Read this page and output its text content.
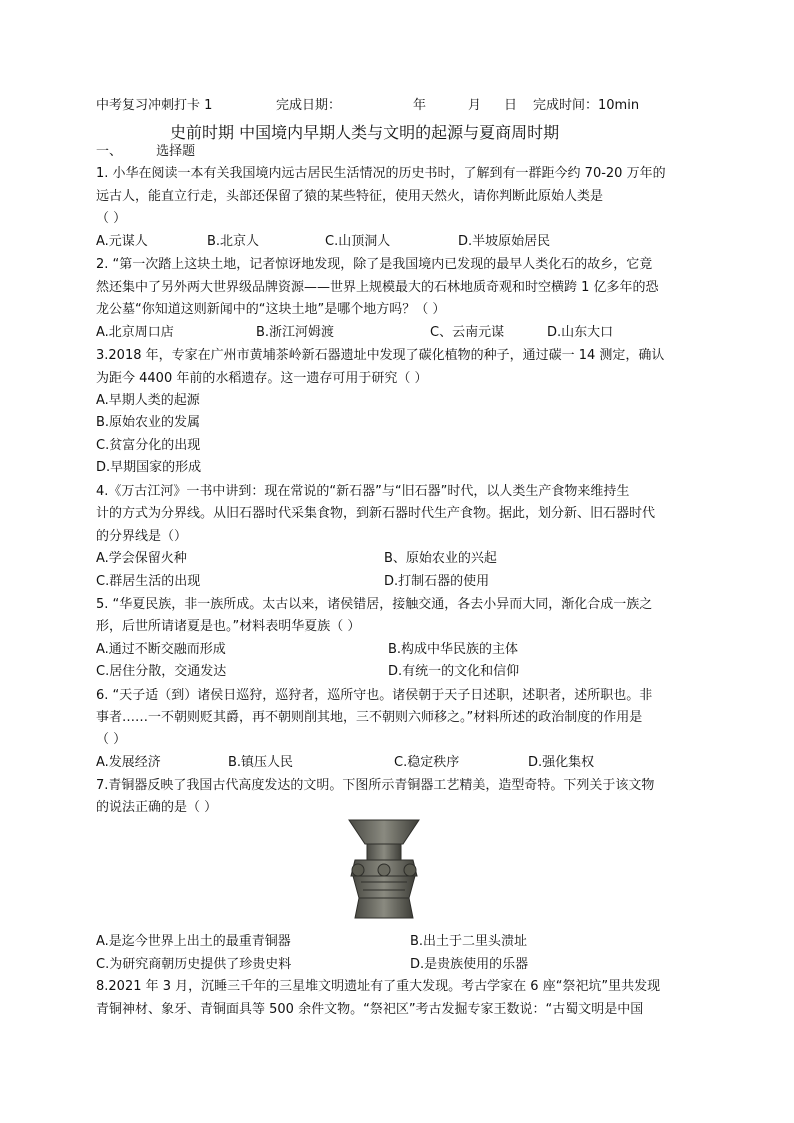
中考复习冲刺打卡 1	完成日期：	年	月 日 完成时间：10min
史前时期 中国境内早期人类与文明的起源与夏商周时期
一、	选择题
1. 小华在阅读一本有关我国境内远古居民生活情况的历史书时，了解到有一群距今约 70-20 万年的
远古人，能直立行走，头部还保留了猿的某些特征，使用天然火，请你判断此原始人类是
（ ）
A.元谋人	B.北京人	C.山顶洞人	D.半坡原始居民
2. “第一次踏上这块土地，记者惊讶地发现，除了是我国境内已发现的最早人类化石的故乡，它竟
然还集中了另外两大世界级品牌资源——世界上规模最大的石林地质奇观和时空横跨 1 亿多年的恐
龙公墓“你知道这则新闻中的“这块土地”是哪个地方吗？（ ）
A.北京周口店	B.浙江河姆渡	C、云南元谋	D.山东大口
3.2018 年，专家在广州市黄埔茶岭新石器遗址中发现了碳化植物的种子，通过碳一 14 测定，确认
为距今 4400 年前的水稻遗存。这一遗存可用于研究（ ）
A.早期人类的起源
B.原始农业的发属
C.贫富分化的出现
D.早期国家的形成
4.《万古江河》一书中讲到：现在常说的“新石器”与“旧石器”时代，以人类生产食物来维持生
计的方式为分界线。从旧石器时代采集食物，到新石器时代生产食物。据此，划分新、旧石器时代
的分界线是（）
A.学会保留火种	B、原始农业的兴起
C.群居生活的出现	D.打制石器的使用
5. “华夏民族，非一族所成。太古以来，诸侯错居，接触交通，各去小异而大同，渐化合成一族之
形，后世所请诸夏是也。”材料表明华夏族（ ）
A.通过不断交融而形成	B.构成中华民族的主体
C.居住分散，交通发达	D.有统一的文化和信仰
6. “天子适（到）诸侯日巡狩，巡狩者，巡所守也。诸侯朝于天子日述职，述职者，述所职也。非
事者……一不朝则贬其爵，再不朝则削其地，三不朝则六师移之。”材料所述的政治制度的作用是
（ ）
A.发展经济	B.镇压人民	C.稳定秩序	D.强化集权
7.青铜器反映了我国古代高度发达的文明。下图所示青铜器工艺精美，造型奇特。下列关于该文物
的说法正确的是（ ）
A.是迄今世界上出土的最重青铜器	B.出土于二里头溃址
C.为研究商朝历史提供了珍贵史料	D.是贵族使用的乐器
8.2021 年 3 月，沉睡三千年的三星堆文明遗址有了重大发现。考古学家在 6 座“祭祀坑”里共发现
青铜神材、象牙、青铜面具等 500 余件文物。“祭祀区”考古发掘专家王数说：“古蜀文明是中国
